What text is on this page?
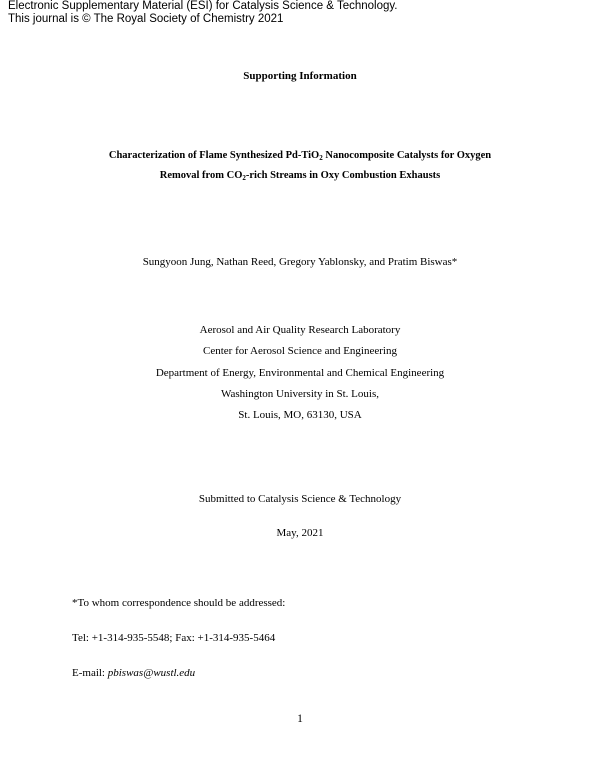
Electronic Supplementary Material (ESI) for Catalysis Science & Technology.
This journal is © The Royal Society of Chemistry 2021
Supporting Information
Characterization of Flame Synthesized Pd-TiO$_2$ Nanocomposite Catalysts for Oxygen
Removal from $CO_2$-rich Streams in Oxy Combustion Exhausts
Sungyoon Jung, Nathan Reed, Gregory Yablonsky, and Pratim Biswas*
Aerosol and Air Quality Research Laboratory
Center for Aerosol Science and Engineering
Department of Energy, Environmental and Chemical Engineering
Washington University in St. Louis,
St. Louis, MO, 63130, USA
Submitted to Catalysis Science & Technology
May, 2021
*To whom correspondence should be addressed:
Tel: +1-314-935-5548; Fax: +1-314-935-5464
E-mail: pbiswas@wustl.edu
1
